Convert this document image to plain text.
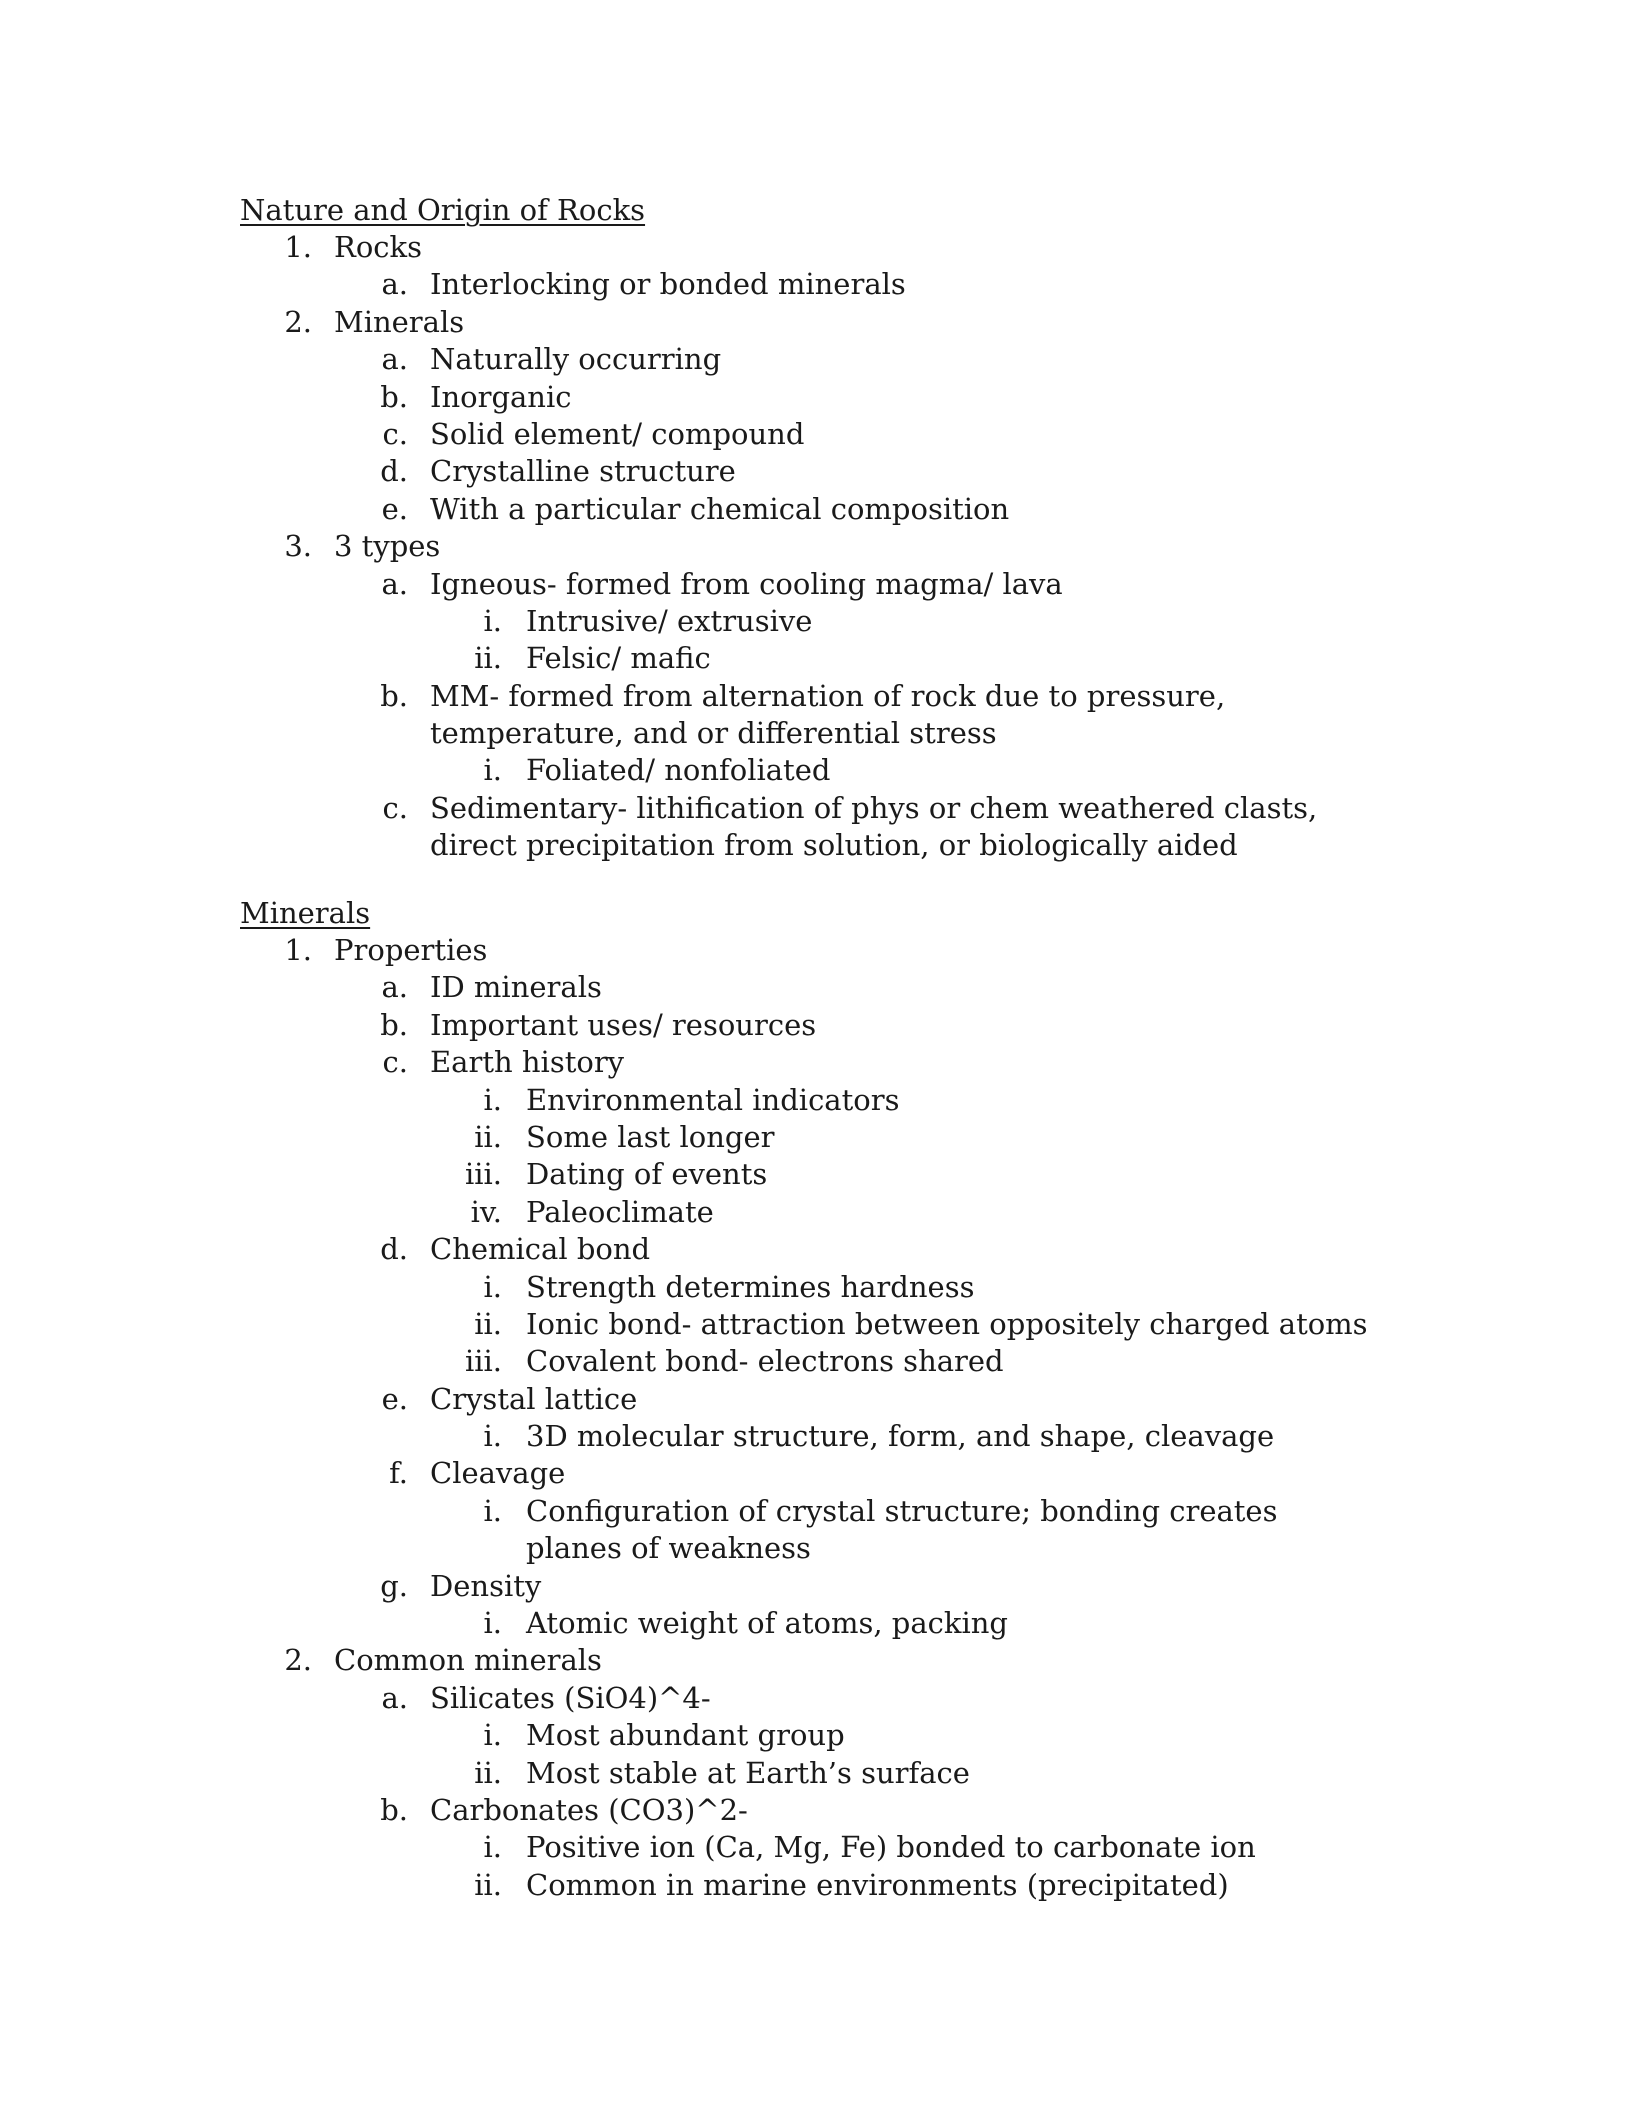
Nature and Origin of Rocks
1. Rocks
a. Interlocking or bonded minerals
2. Minerals
a. Naturally occurring
b. Inorganic
c. Solid element/ compound
d. Crystalline structure
e. With a particular chemical composition
3. 3 types
a. Igneous- formed from cooling magma/ lava
i. Intrusive/ extrusive
ii. Felsic/ mafic
b. MM- formed from alternation of rock due to pressure, temperature, and or differential stress
i. Foliated/ nonfoliated
c. Sedimentary- lithification of phys or chem weathered clasts, direct precipitation from solution, or biologically aided
Minerals
1. Properties
a. ID minerals
b. Important uses/ resources
c. Earth history
i. Environmental indicators
ii. Some last longer
iii. Dating of events
iv. Paleoclimate
d. Chemical bond
i. Strength determines hardness
ii. Ionic bond- attraction between oppositely charged atoms
iii. Covalent bond- electrons shared
e. Crystal lattice
i. 3D molecular structure, form, and shape, cleavage
f. Cleavage
i. Configuration of crystal structure; bonding creates planes of weakness
g. Density
i. Atomic weight of atoms, packing
2. Common minerals
a. Silicates (SiO4)^4-
i. Most abundant group
ii. Most stable at Earth’s surface
b. Carbonates (CO3)^2-
i. Positive ion (Ca, Mg, Fe) bonded to carbonate ion
ii. Common in marine environments (precipitated)
